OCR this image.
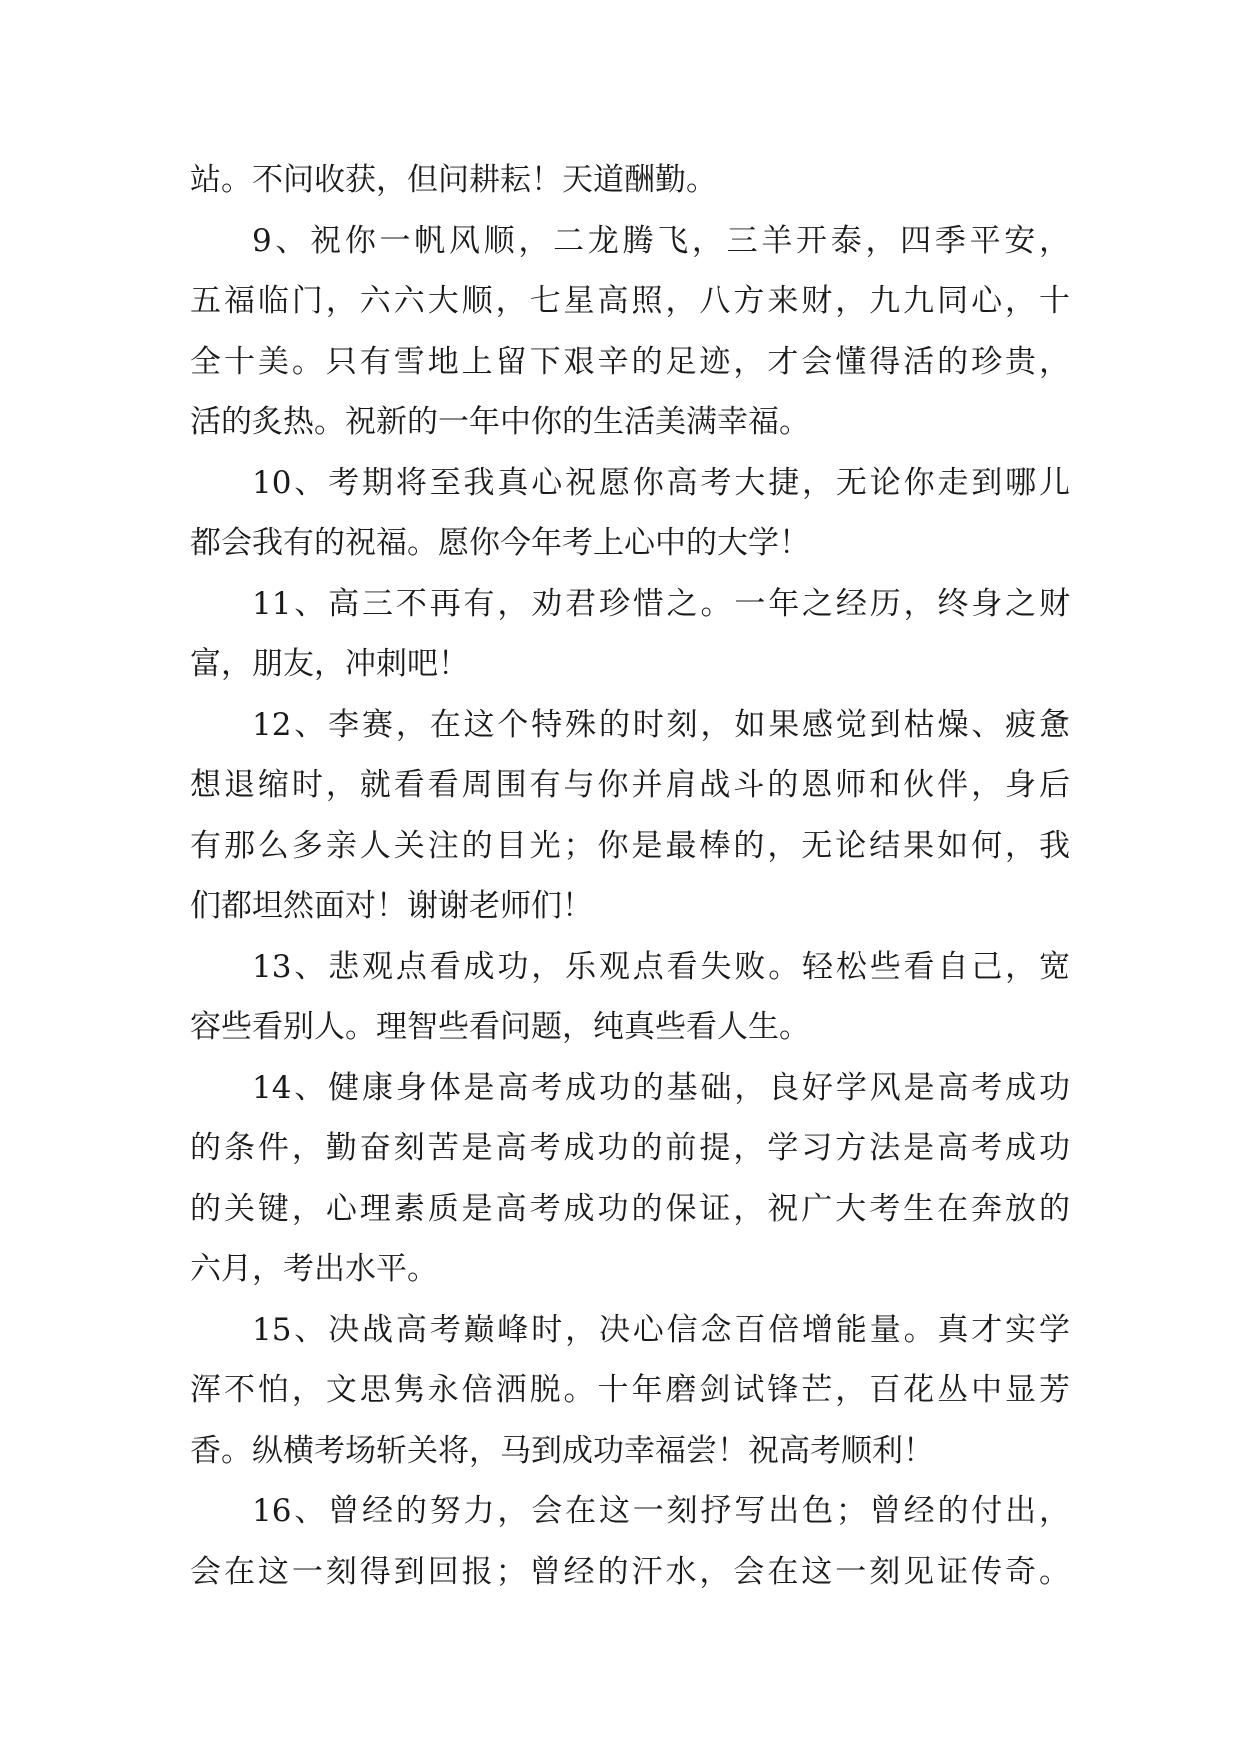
站。不问收获，但问耕耘！天道酬勤。
9、祝你一帆风顺，二龙腾飞，三羊开泰，四季平安，
五福临门，六六大顺，七星高照，八方来财，九九同心，十
全十美。只有雪地上留下艰辛的足迹，才会懂得活的珍贵，
活的炙热。祝新的一年中你的生活美满幸福。
10、考期将至我真心祝愿你高考大捷，无论你走到哪儿
都会我有的祝福。愿你今年考上心中的大学！
11、高三不再有，劝君珍惜之。一年之经历，终身之财
富，朋友，冲刺吧！
12、李赛，在这个特殊的时刻，如果感觉到枯燥、疲惫
想退缩时，就看看周围有与你并肩战斗的恩师和伙伴，身后
有那么多亲人关注的目光；你是最棒的，无论结果如何，我
们都坦然面对！谢谢老师们！
13、悲观点看成功，乐观点看失败。轻松些看自己，宽
容些看别人。理智些看问题，纯真些看人生。
14、健康身体是高考成功的基础，良好学风是高考成功
的条件，勤奋刻苦是高考成功的前提，学习方法是高考成功
的关键，心理素质是高考成功的保证，祝广大考生在奔放的
六月，考出水平。
15、决战高考巅峰时，决心信念百倍增能量。真才实学
浑不怕，文思隽永倍洒脱。十年磨剑试锋芒，百花丛中显芳
香。纵横考场斩关将，马到成功幸福尝！祝高考顺利！
16、曾经的努力，会在这一刻抒写出色；曾经的付出，
会在这一刻得到回报；曾经的汗水，会在这一刻见证传奇。
